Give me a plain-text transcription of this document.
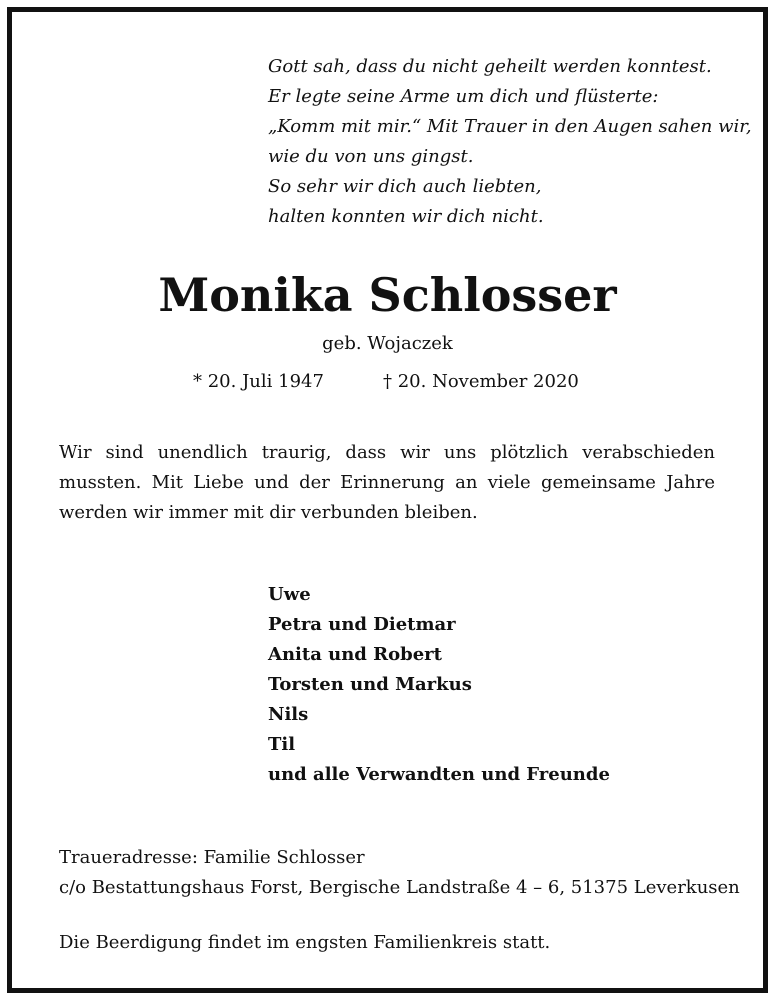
Gott sah, dass du nicht geheilt werden konntest.
Er legte seine Arme um dich und flüsterte:
„Komm mit mir.“ Mit Trauer in den Augen sahen wir,
wie du von uns gingst.
So sehr wir dich auch liebten,
halten konnten wir dich nicht.
Monika Schlosser
geb. Wojaczek
* 20. Juli 1947	† 20. November 2020
Wir sind unendlich traurig, dass wir uns plötzlich verabschieden mussten. Mit Liebe und der Erinnerung an viele gemeinsame Jahre werden wir immer mit dir verbunden bleiben.
Uwe
Petra und Dietmar
Anita und Robert
Torsten und Markus
Nils
Til
und alle Verwandten und Freunde
Traueradresse: Familie Schlosser
c/o Bestattungshaus Forst, Bergische Landstraße 4 – 6, 51375 Leverkusen
Die Beerdigung findet im engsten Familienkreis statt.
